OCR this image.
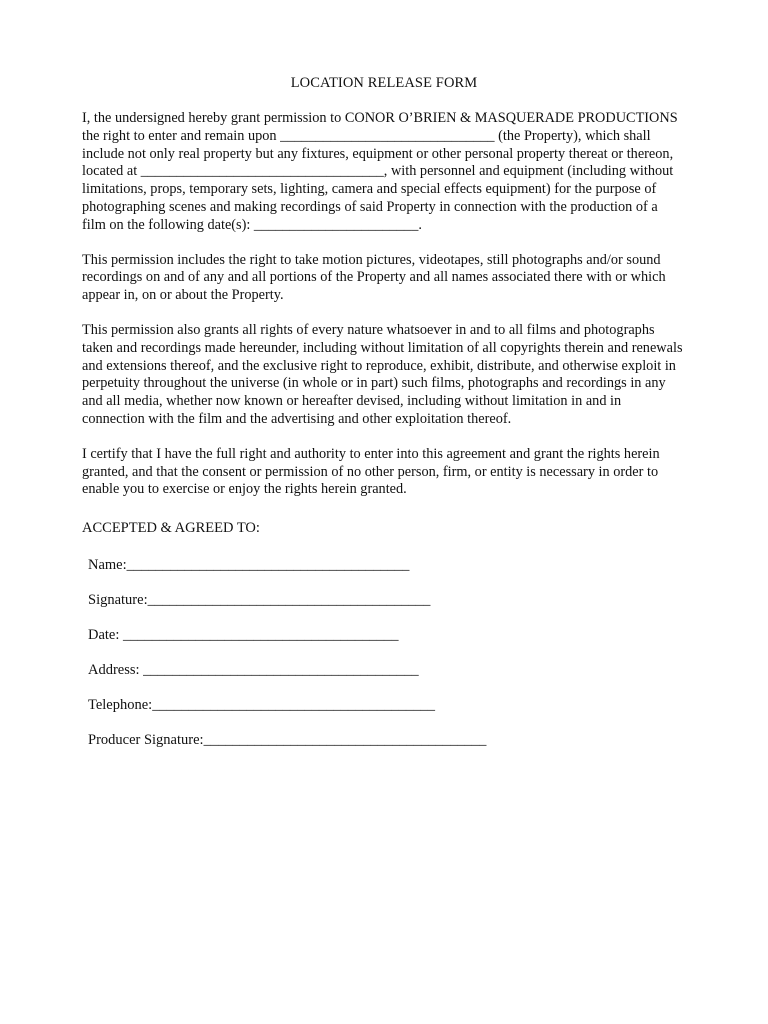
LOCATION RELEASE FORM
I, the undersigned hereby grant permission to CONOR O’BRIEN & MASQUERADE PRODUCTIONS
the right to enter and remain upon ______________________________ (the Property), which shall
include not only real property but any fixtures, equipment or other personal property thereat or thereon,
located at __________________________________, with personnel and equipment (including without
limitations, props, temporary sets, lighting, camera and special effects equipment) for the purpose of
photographing scenes and making recordings of said Property in connection with the production of a
film on the following date(s): _______________________.
This permission includes the right to take motion pictures, videotapes, still photographs and/or sound
recordings on and of any and all portions of the Property and all names associated there with or which
appear in, on or about the Property.
This permission also grants all rights of every nature whatsoever in and to all films and photographs
taken and recordings made hereunder, including without limitation of all copyrights therein and renewals
and extensions thereof, and the exclusive right to reproduce, exhibit, distribute, and otherwise exploit in
perpetuity throughout the universe (in whole or in part) such films, photographs and recordings in any
and all media, whether now known or hereafter devised, including without limitation in and in
connection with the film and the advertising and other exploitation thereof.
I certify that I have the full right and authority to enter into this agreement and grant the rights herein
granted, and that the consent or permission of no other person, firm, or entity is necessary in order to
enable you to exercise or enjoy the rights herein granted.
ACCEPTED & AGREED TO:
Name:_______________________________________
Signature:_______________________________________
Date: ______________________________________
Address: ______________________________________
Telephone:_______________________________________
Producer Signature:_______________________________________
